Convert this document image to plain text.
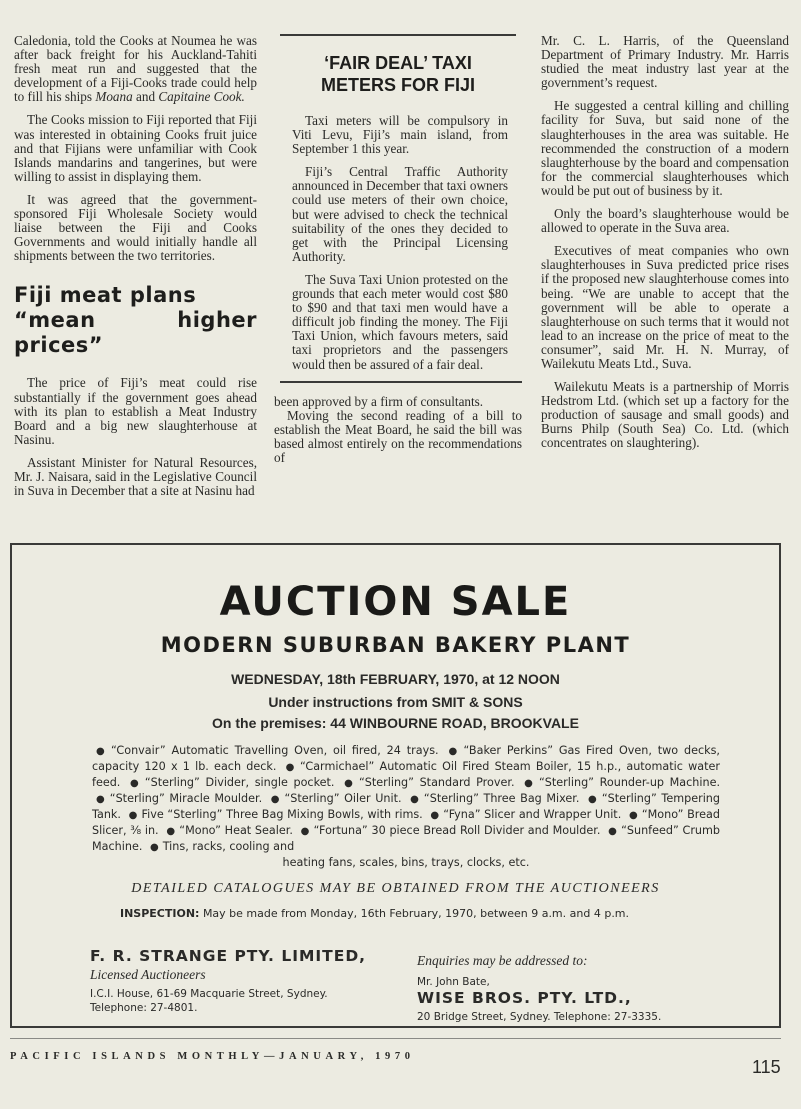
Caledonia, told the Cooks at Noumea he was after back freight for his Auckland-Tahiti fresh meat run and suggested that the development of a Fiji-Cooks trade could help to fill his ships Moana and Capitaine Cook.

The Cooks mission to Fiji reported that Fiji was interested in obtaining Cooks fruit juice and that Fijians were unfamiliar with Cook Islands mandarins and tangerines, but were willing to assist in displaying them.

It was agreed that the government-sponsored Fiji Wholesale Society would liaise between the Fiji and Cooks Governments and would initially handle all shipments between the two territories.

Fiji meat plans
“mean higher prices”

The price of Fiji’s meat could rise substantially if the government goes ahead with its plan to establish a Meat Industry Board and a big new slaughterhouse at Nasinu.

Assistant Minister for Natural Resources, Mr. J. Naisara, said in the Legislative Council in Suva in December that a site at Nasinu had

‘FAIR DEAL’ TAXI
METERS FOR FIJI

Taxi meters will be compulsory in Viti Levu, Fiji’s main island, from September 1 this year.

Fiji’s Central Traffic Authority announced in December that taxi owners could use meters of their own choice, but were advised to check the technical suitability of the ones they decided to get with the Principal Licensing Authority.

The Suva Taxi Union protested on the grounds that each meter would cost $80 to $90 and that taxi men would have a difficult job finding the money. The Fiji Taxi Union, which favours meters, said taxi proprietors and the passengers would then be assured of a fair deal.

been approved by a firm of consultants.

Moving the second reading of a bill to establish the Meat Board, he said the bill was based almost entirely on the recommendations of

Mr. C. L. Harris, of the Queensland Department of Primary Industry. Mr. Harris studied the meat industry last year at the government’s request.

He suggested a central killing and chilling facility for Suva, but said none of the slaughterhouses in the area was suitable. He recommended the construction of a modern slaughterhouse by the board and compensation for the commercial slaughterhouses which would be put out of business by it.

Only the board’s slaughterhouse would be allowed to operate in the Suva area.

Executives of meat companies who own slaughterhouses in Suva predicted price rises if the proposed new slaughterhouse comes into being. “We are unable to accept that the government will be able to operate a slaughterhouse on such terms that it would not lead to an increase on the price of meat to the consumer”, said Mr. H. N. Murray, of Wailekutu Meats Ltd., Suva.

Wailekutu Meats is a partnership of Morris Hedstrom Ltd. (which set up a factory for the production of sausage and small goods) and Burns Philp (South Sea) Co. Ltd. (which concentrates on slaughtering).

AUCTION SALE
MODERN SUBURBAN BAKERY PLANT
WEDNESDAY, 18th FEBRUARY, 1970, at 12 NOON
Under instructions from SMIT & SONS
On the premises: 44 WINBOURNE ROAD, BROOKVALE
● “Convair” Automatic Travelling Oven, oil fired, 24 trays. ● “Baker Perkins” Gas Fired Oven, two decks, capacity 120 x 1 lb. each deck. ● “Carmichael” Automatic Oil Fired Steam Boiler, 15 h.p., automatic water feed. ● “Sterling” Divider, single pocket. ● “Sterling” Standard Prover. ● “Sterling” Rounder-up Machine. ● “Sterling” Miracle Moulder. ● “Sterling” Oiler Unit. ● “Sterling” Three Bag Mixer. ● “Sterling” Tempering Tank. ● Five “Sterling” Three Bag Mixing Bowls, with rims. ● “Fyna” Slicer and Wrapper Unit. ● “Mono” Bread Slicer, ⅜ in. ● “Mono” Heat Sealer. ● “Fortuna” 30 piece Bread Roll Divider and Moulder. ● “Sunfeed” Crumb Machine. ● Tins, racks, cooling and
heating fans, scales, bins, trays, clocks, etc.
DETAILED CATALOGUES MAY BE OBTAINED FROM THE AUCTIONEERS
INSPECTION: May be made from Monday, 16th February, 1970, between 9 a.m. and 4 p.m.
F. R. STRANGE PTY. LIMITED,
Licensed Auctioneers
I.C.I. House, 61-69 Macquarie Street, Sydney.
Telephone: 27-4801.
Enquiries may be addressed to:
Mr. John Bate,
WISE BROS. PTY. LTD.,
20 Bridge Street, Sydney. Telephone: 27-3335.
PACIFIC ISLANDS MONTHLY—JANUARY, 1970
115
